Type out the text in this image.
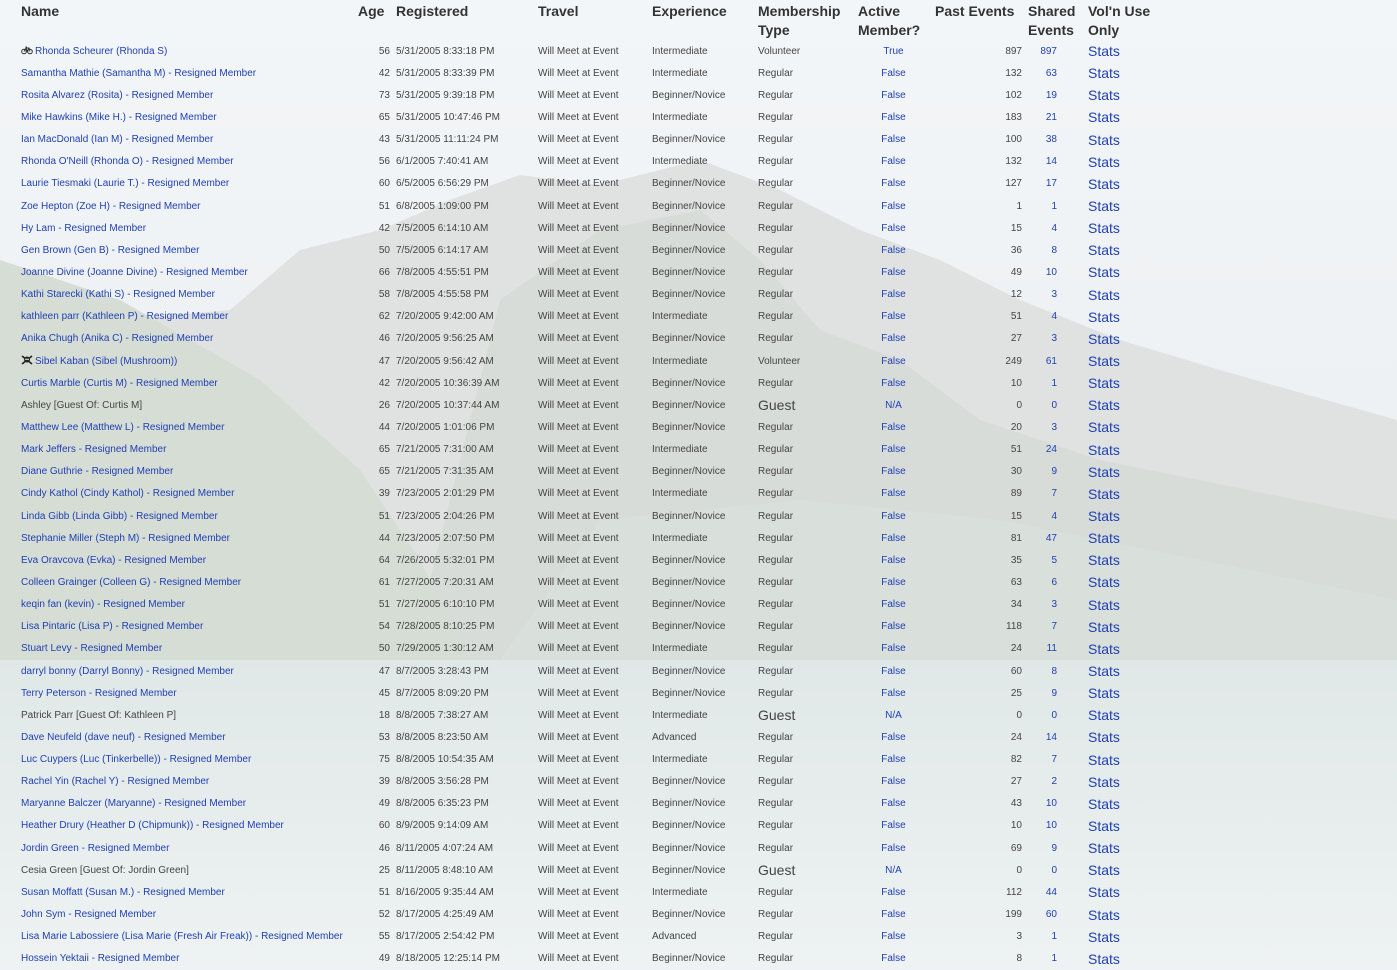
Name	Age	Registered	Travel	Experience	Membership Type	Active Member?	Past Events	Shared Events	Vol'n Use Only
Rhonda Scheurer (Rhonda S)	56	5/31/2005 8:33:18 PM	Will Meet at Event	Intermediate	Volunteer	True	897	897	Stats
Samantha Mathie (Samantha M) - Resigned Member	42	5/31/2005 8:33:39 PM	Will Meet at Event	Intermediate	Regular	False	132	63	Stats
Rosita Alvarez (Rosita) - Resigned Member	73	5/31/2005 9:39:18 PM	Will Meet at Event	Beginner/Novice	Regular	False	102	19	Stats
Mike Hawkins (Mike H.) - Resigned Member	65	5/31/2005 10:47:46 PM	Will Meet at Event	Intermediate	Regular	False	183	21	Stats
Ian MacDonald (Ian M) - Resigned Member	43	5/31/2005 11:11:24 PM	Will Meet at Event	Beginner/Novice	Regular	False	100	38	Stats
Rhonda O'Neill (Rhonda O) - Resigned Member	56	6/1/2005 7:40:41 AM	Will Meet at Event	Intermediate	Regular	False	132	14	Stats
Laurie Tiesmaki (Laurie T.) - Resigned Member	60	6/5/2005 6:56:29 PM	Will Meet at Event	Beginner/Novice	Regular	False	127	17	Stats
Zoe Hepton (Zoe H) - Resigned Member	51	6/8/2005 1:09:00 PM	Will Meet at Event	Beginner/Novice	Regular	False	1	1	Stats
Hy Lam - Resigned Member	42	7/5/2005 6:14:10 AM	Will Meet at Event	Beginner/Novice	Regular	False	15	4	Stats
Gen Brown (Gen B) - Resigned Member	50	7/5/2005 6:14:17 AM	Will Meet at Event	Beginner/Novice	Regular	False	36	8	Stats
Joanne Divine (Joanne Divine) - Resigned Member	66	7/8/2005 4:55:51 PM	Will Meet at Event	Beginner/Novice	Regular	False	49	10	Stats
Kathi Starecki (Kathi S) - Resigned Member	58	7/8/2005 4:55:58 PM	Will Meet at Event	Beginner/Novice	Regular	False	12	3	Stats
kathleen parr (Kathleen P) - Resigned Member	62	7/20/2005 9:42:00 AM	Will Meet at Event	Intermediate	Regular	False	51	4	Stats
Anika Chugh (Anika C) - Resigned Member	46	7/20/2005 9:56:25 AM	Will Meet at Event	Beginner/Novice	Regular	False	27	3	Stats
Sibel Kaban (Sibel (Mushroom))	47	7/20/2005 9:56:42 AM	Will Meet at Event	Intermediate	Volunteer	False	249	61	Stats
Curtis Marble (Curtis M) - Resigned Member	42	7/20/2005 10:36:39 AM	Will Meet at Event	Beginner/Novice	Regular	False	10	1	Stats
Ashley [Guest Of: Curtis M]	26	7/20/2005 10:37:44 AM	Will Meet at Event	Beginner/Novice	Guest	N/A	0	0	Stats
Matthew Lee (Matthew L) - Resigned Member	44	7/20/2005 1:01:06 PM	Will Meet at Event	Beginner/Novice	Regular	False	20	3	Stats
Mark Jeffers - Resigned Member	65	7/21/2005 7:31:00 AM	Will Meet at Event	Intermediate	Regular	False	51	24	Stats
Diane Guthrie - Resigned Member	65	7/21/2005 7:31:35 AM	Will Meet at Event	Beginner/Novice	Regular	False	30	9	Stats
Cindy Kathol (Cindy Kathol) - Resigned Member	39	7/23/2005 2:01:29 PM	Will Meet at Event	Intermediate	Regular	False	89	7	Stats
Linda Gibb (Linda Gibb) - Resigned Member	51	7/23/2005 2:04:26 PM	Will Meet at Event	Beginner/Novice	Regular	False	15	4	Stats
Stephanie Miller (Steph M) - Resigned Member	44	7/23/2005 2:07:50 PM	Will Meet at Event	Intermediate	Regular	False	81	47	Stats
Eva Oravcova (Evka) - Resigned Member	64	7/26/2005 5:32:01 PM	Will Meet at Event	Beginner/Novice	Regular	False	35	5	Stats
Colleen Grainger (Colleen G) - Resigned Member	61	7/27/2005 7:20:31 AM	Will Meet at Event	Beginner/Novice	Regular	False	63	6	Stats
keqin fan (kevin) - Resigned Member	51	7/27/2005 6:10:10 PM	Will Meet at Event	Beginner/Novice	Regular	False	34	3	Stats
Lisa Pintaric (Lisa P) - Resigned Member	54	7/28/2005 8:10:25 PM	Will Meet at Event	Beginner/Novice	Regular	False	118	7	Stats
Stuart Levy - Resigned Member	50	7/29/2005 1:30:12 AM	Will Meet at Event	Intermediate	Regular	False	24	11	Stats
darryl bonny (Darryl Bonny) - Resigned Member	47	8/7/2005 3:28:43 PM	Will Meet at Event	Beginner/Novice	Regular	False	60	8	Stats
Terry Peterson - Resigned Member	45	8/7/2005 8:09:20 PM	Will Meet at Event	Beginner/Novice	Regular	False	25	9	Stats
Patrick Parr [Guest Of: Kathleen P]	18	8/8/2005 7:38:27 AM	Will Meet at Event	Intermediate	Guest	N/A	0	0	Stats
Dave Neufeld (dave neuf) - Resigned Member	53	8/8/2005 8:23:50 AM	Will Meet at Event	Advanced	Regular	False	24	14	Stats
Luc Cuypers (Luc (Tinkerbelle)) - Resigned Member	75	8/8/2005 10:54:35 AM	Will Meet at Event	Intermediate	Regular	False	82	7	Stats
Rachel Yin (Rachel Y) - Resigned Member	39	8/8/2005 3:56:28 PM	Will Meet at Event	Beginner/Novice	Regular	False	27	2	Stats
Maryanne Balczer (Maryanne) - Resigned Member	49	8/8/2005 6:35:23 PM	Will Meet at Event	Beginner/Novice	Regular	False	43	10	Stats
Heather Drury (Heather D (Chipmunk)) - Resigned Member	60	8/9/2005 9:14:09 AM	Will Meet at Event	Beginner/Novice	Regular	False	10	10	Stats
Jordin Green - Resigned Member	46	8/11/2005 4:07:24 AM	Will Meet at Event	Beginner/Novice	Regular	False	69	9	Stats
Cesia Green [Guest Of: Jordin Green]	25	8/11/2005 8:48:10 AM	Will Meet at Event	Beginner/Novice	Guest	N/A	0	0	Stats
Susan Moffatt (Susan M.) - Resigned Member	51	8/16/2005 9:35:44 AM	Will Meet at Event	Intermediate	Regular	False	112	44	Stats
John Sym - Resigned Member	52	8/17/2005 4:25:49 AM	Will Meet at Event	Beginner/Novice	Regular	False	199	60	Stats
Lisa Marie Labossiere (Lisa Marie (Fresh Air Freak)) - Resigned Member	55	8/17/2005 2:54:42 PM	Will Meet at Event	Advanced	Regular	False	3	1	Stats
Hossein Yektaii - Resigned Member	49	8/18/2005 12:25:14 PM	Will Meet at Event	Beginner/Novice	Regular	False	8	1	Stats
